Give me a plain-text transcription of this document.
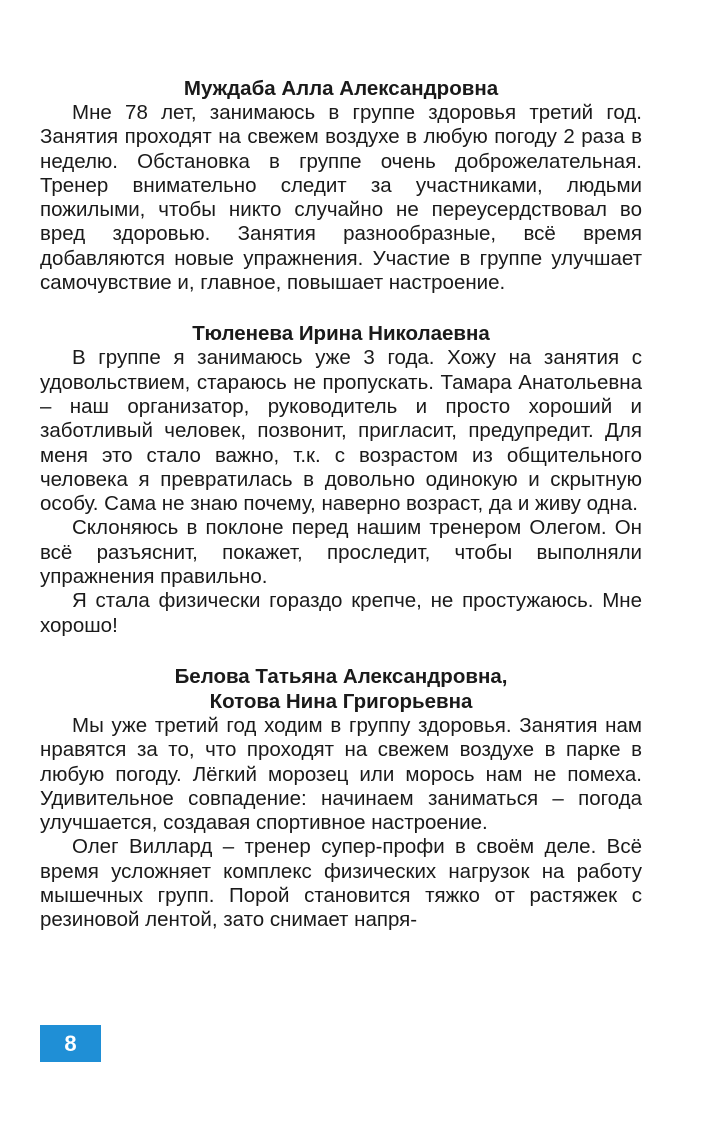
Муждаба Алла Александровна

Мне 78 лет, занимаюсь в группе здоровья третий год. Занятия проходят на свежем воздухе в любую погоду 2 раза в неделю. Обстановка в группе очень доброжелательная. Тренер внимательно следит за участниками, людьми пожилыми, чтобы никто случайно не переусердствовал во вред здоровью. Занятия разнообразные, всё время добавляются новые упражнения. Участие в группе улучшает самочувствие и, главное, повышает настроение.

Тюленева Ирина Николаевна

В группе я занимаюсь уже 3 года. Хожу на занятия с удовольствием, стараюсь не пропускать. Тамара Анатольевна – наш организатор, руководитель и просто хороший и заботливый человек, позвонит, пригласит, предупредит. Для меня это стало важно, т.к. с возрастом из общительного человека я превратилась в довольно одинокую и скрытную особу. Сама не знаю почему, наверно возраст, да и живу одна.

Склоняюсь в поклоне перед нашим тренером Олегом. Он всё разъяснит, покажет, проследит, чтобы выполняли упражнения правильно.

Я стала физически гораздо крепче, не простужаюсь. Мне хорошо!

Белова Татьяна Александровна,

Котова Нина Григорьевна

Мы уже третий год ходим в группу здоровья. Занятия нам нравятся за то, что проходят на свежем воздухе в парке в любую погоду. Лёгкий морозец или морось нам не помеха. Удивительное совпадение: начинаем заниматься – погода улучшается, создавая спортивное настроение.

Олег Виллард – тренер супер-профи в своём деле. Всё время усложняет комплекс физических нагрузок на работу мышечных групп. Порой становится тяжко от растяжек с резиновой лентой, зато снимает напря-

8
